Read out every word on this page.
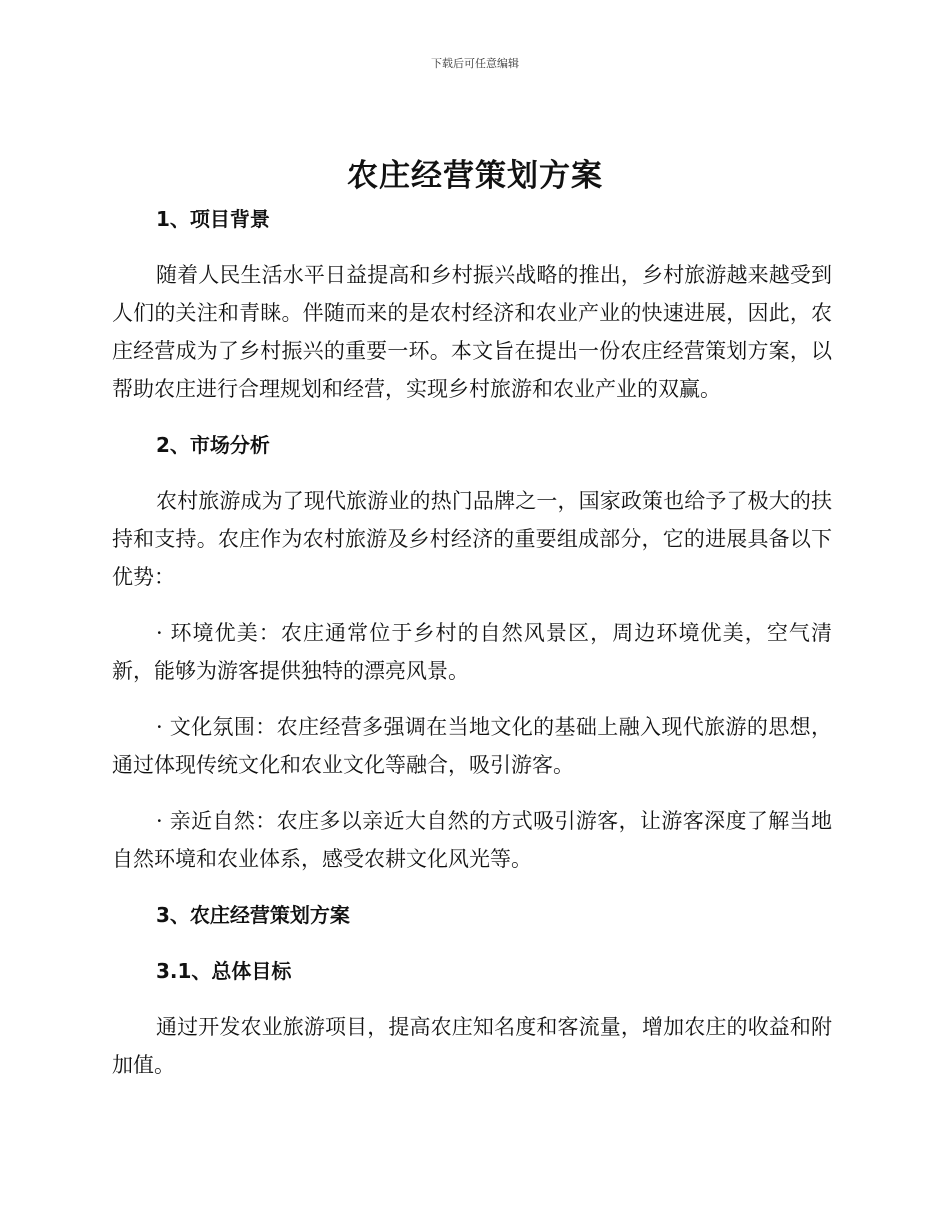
下载后可任意编辑
农庄经营策划方案
1、项目背景

随着人民生活水平日益提高和乡村振兴战略的推出，乡村旅游越来越受到人们的关注和青睐。伴随而来的是农村经济和农业产业的快速进展，因此，农庄经营成为了乡村振兴的重要一环。本文旨在提出一份农庄经营策划方案，以帮助农庄进行合理规划和经营，实现乡村旅游和农业产业的双赢。

2、市场分析

农村旅游成为了现代旅游业的热门品牌之一，国家政策也给予了极大的扶持和支持。农庄作为农村旅游及乡村经济的重要组成部分，它的进展具备以下优势：

· 环境优美：农庄通常位于乡村的自然风景区，周边环境优美，空气清新，能够为游客提供独特的漂亮风景。

· 文化氛围：农庄经营多强调在当地文化的基础上融入现代旅游的思想，通过体现传统文化和农业文化等融合，吸引游客。

· 亲近自然：农庄多以亲近大自然的方式吸引游客，让游客深度了解当地自然环境和农业体系，感受农耕文化风光等。

3、农庄经营策划方案
3.1、总体目标

通过开发农业旅游项目，提高农庄知名度和客流量，增加农庄的收益和附加值。
